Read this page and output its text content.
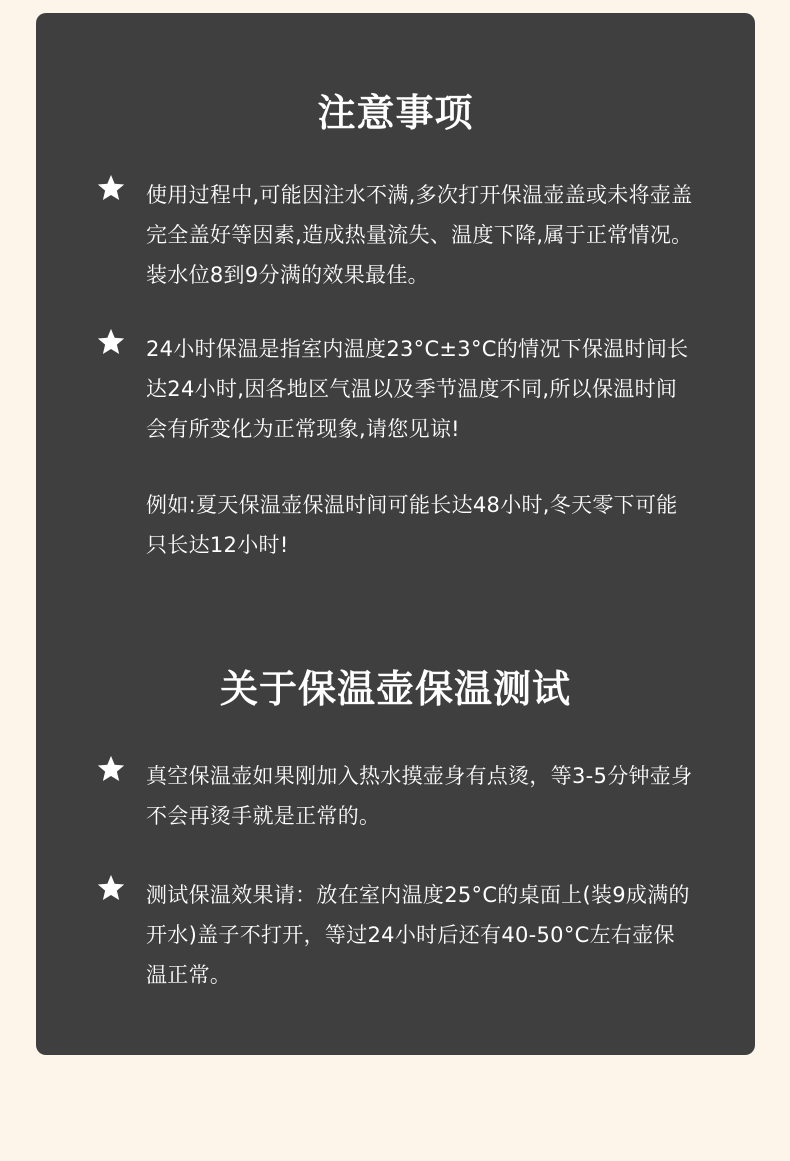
注意事项

使用过程中,可能因注水不满,多次打开保温壶盖或未将壶盖完全盖好等因素,造成热量流失、温度下降,属于正常情况。装水位8到9分满的效果最佳。

24小时保温是指室内温度23°C±3°C的情况下保温时间长达24小时,因各地区气温以及季节温度不同,所以保温时间会有所变化为正常现象,请您见谅!

例如:夏天保温壶保温时间可能长达48小时,冬天零下可能只长达12小时!

关于保温壶保温测试

真空保温壶如果刚加入热水摸壶身有点烫，等3-5分钟壶身不会再烫手就是正常的。

测试保温效果请：放在室内温度25°C的桌面上(装9成满的开水)盖子不打开，等过24小时后还有40-50°C左右壶保温正常。
